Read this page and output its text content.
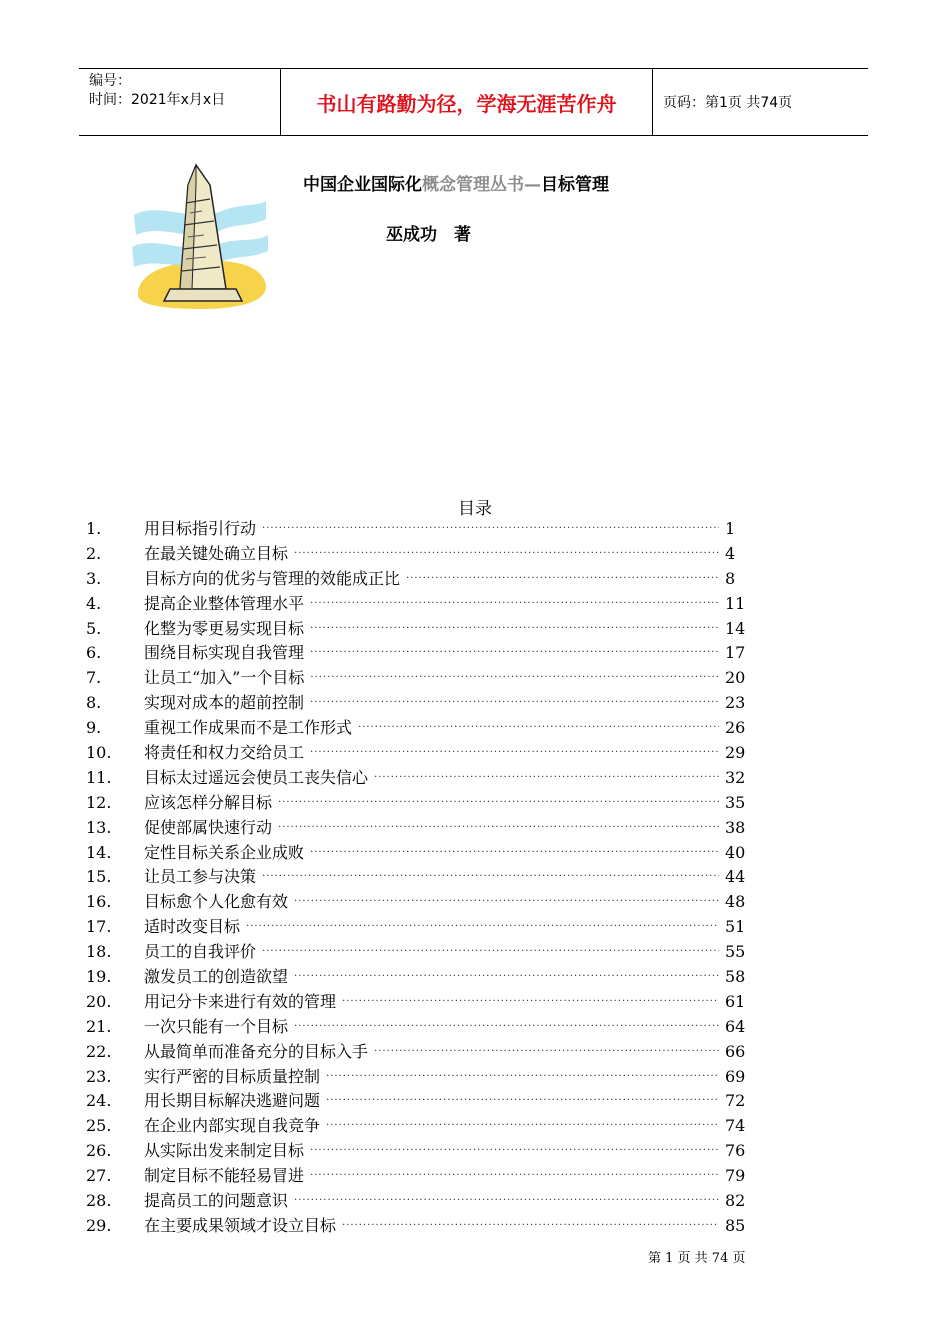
编号：
时间：2021年x月x日	书山有路勤为径，学海无涯苦作舟	页码：第1页 共74页
中国企业国际化概念管理丛书—目标管理
巫成功　著
目录
1.	用目标指引行动 ·····	1
2.	在最关键处确立目标 ·····	4
3.	目标方向的优劣与管理的效能成正比 ·····	8
4.	提高企业整体管理水平 ·····	11
5.	化整为零更易实现目标 ·····	14
6.	围绕目标实现自我管理 ·····	17
7.	让员工“加入”一个目标 ·····	20
8.	实现对成本的超前控制 ·····	23
9.	重视工作成果而不是工作形式 ·····	26
10.	将责任和权力交给员工 ·····	29
11.	目标太过遥远会使员工丧失信心 ·····	32
12.	应该怎样分解目标 ·····	35
13.	促使部属快速行动 ·····	38
14.	定性目标关系企业成败 ·····	40
15.	让员工参与决策 ·····	44
16.	目标愈个人化愈有效 ·····	48
17.	适时改变目标 ·····	51
18.	员工的自我评价 ·····	55
19.	激发员工的创造欲望 ·····	58
20.	用记分卡来进行有效的管理 ·····	61
21.	一次只能有一个目标 ·····	64
22.	从最简单而准备充分的目标入手 ·····	66
23.	实行严密的目标质量控制 ·····	69
24.	用长期目标解决逃避问题 ·····	72
25.	在企业内部实现自我竞争 ·····	74
26.	从实际出发来制定目标 ·····	76
27.	制定目标不能轻易冒进 ·····	79
28.	提高员工的问题意识 ·····	82
29.	在主要成果领域才设立目标 ·····	85
第 1 页 共 74 页
